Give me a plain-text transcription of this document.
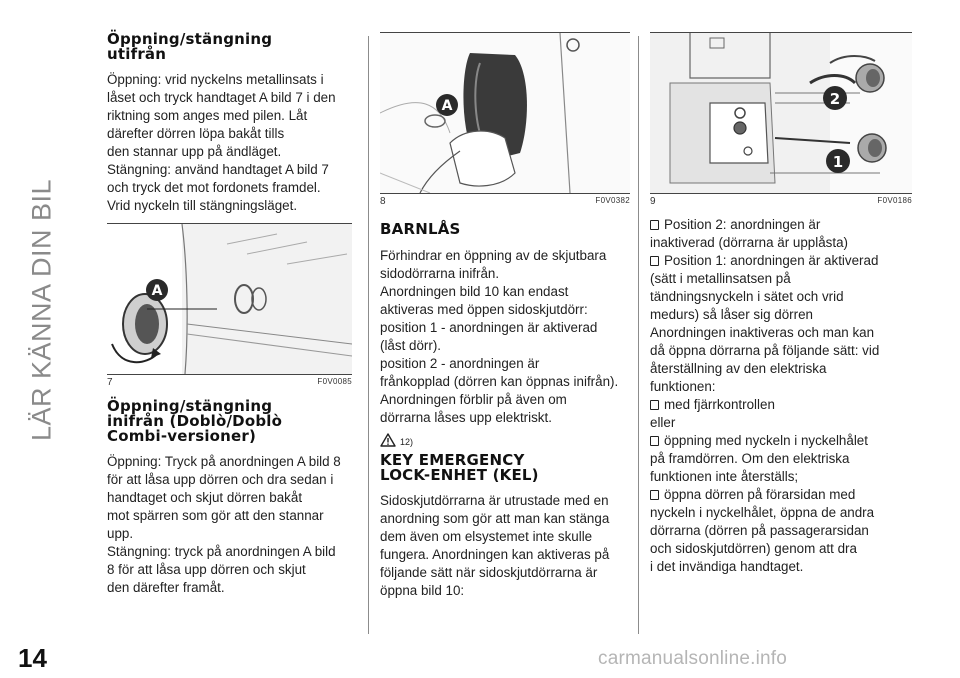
LÄR KÄNNA DIN BIL
Öppning/stängning
utifrån

Öppning: vrid nyckelns metallinsats i

låset och tryck handtaget A bild 7 i den

riktning som anges med pilen. Låt

därefter dörren löpa bakåt tills

den stannar upp på ändläget.

Stängning: använd handtaget A bild 7

och tryck det mot fordonets framdel.

Vrid nyckeln till stängningsläget.

A
7	F0V0085
Öppning/stängning
inifrån (Doblò/Doblò
Combi-versioner)

Öppning: Tryck på anordningen A bild 8

för att låsa upp dörren och dra sedan i

handtaget och skjut dörren bakåt

mot spärren som gör att den stannar

upp.

Stängning: tryck på anordningen A bild

8 för att låsa upp dörren och skjut

den därefter framåt.

A
8	F0V0382
BARNLÅS

Förhindrar en öppning av de skjutbara

sidodörrarna inifrån.

Anordningen bild 10 kan endast

aktiveras med öppen sidoskjutdörr:

position 1 - anordningen är aktiverad

(låst dörr).

position 2 - anordningen är

frånkopplad (dörren kan öppnas inifrån).

Anordningen förblir på även om

dörrarna låses upp elektriskt.

12)
KEY EMERGENCY
LOCK-ENHET (KEL)

Sidoskjutdörrarna är utrustade med en

anordning som gör att man kan stänga

dem även om elsystemet inte skulle

fungera. Anordningen kan aktiveras på

följande sätt när sidoskjutdörrarna är

öppna bild 10:

2
1
9	F0V0186

Position 2: anordningen är

inaktiverad (dörrarna är upplåsta)

Position 1: anordningen är aktiverad

(sätt i metallinsatsen på

tändningsnyckeln i sätet och vrid

medurs) så låser sig dörren

Anordningen inaktiveras och man kan

då öppna dörrarna på följande sätt: vid

återställning av den elektriska

funktionen:

med fjärrkontrollen

eller

öppning med nyckeln i nyckelhålet

på framdörren. Om den elektriska

funktionen inte återställs;

öppna dörren på förarsidan med

nyckeln i nyckelhålet, öppna de andra

dörrarna (dörren på passagerarsidan

och sidoskjutdörren) genom att dra

i det invändiga handtaget.

14	carmanualsonline.info
